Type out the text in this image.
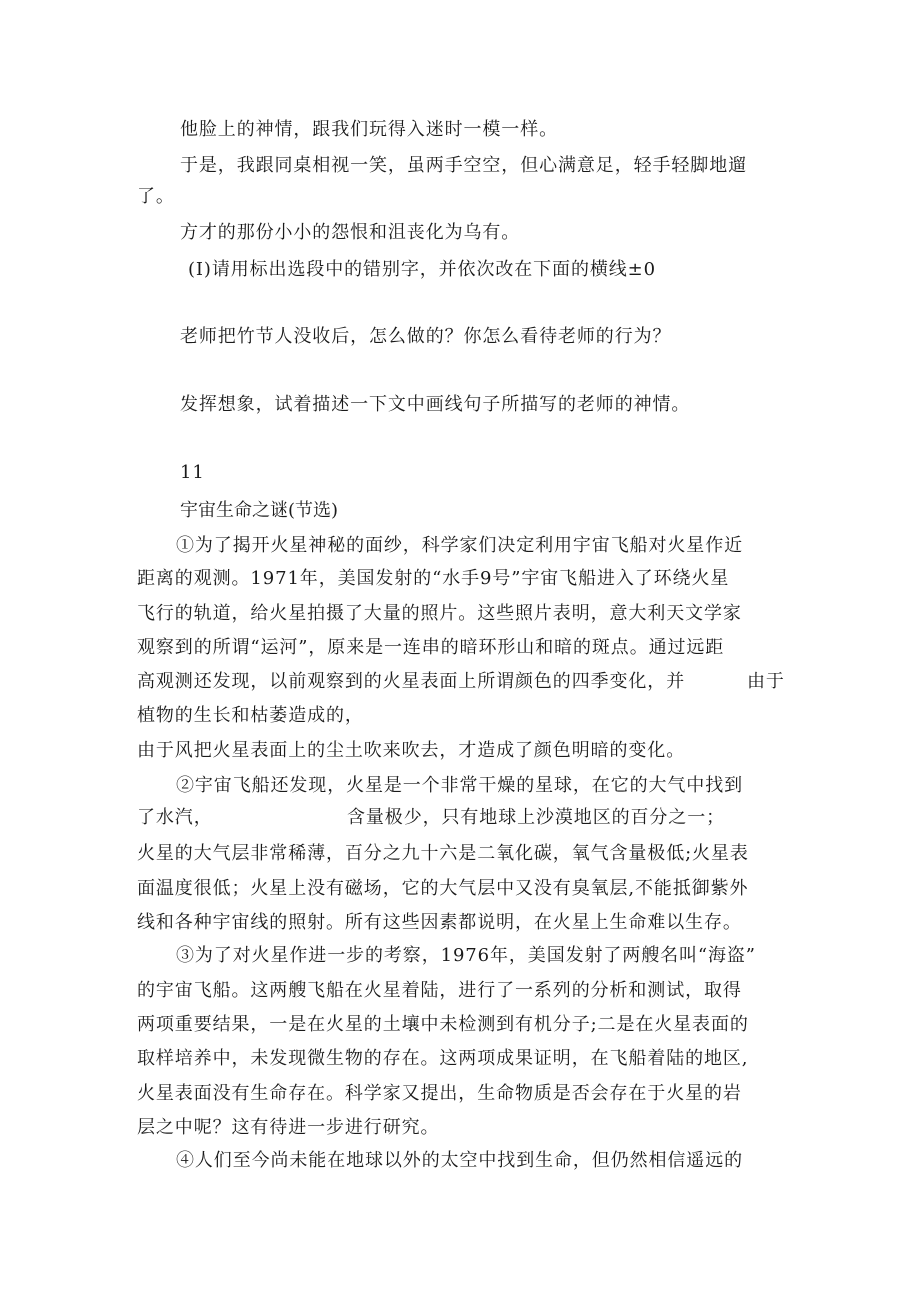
他脸上的神情，跟我们玩得入迷时一模一样。
于是，我跟同桌相视一笑，虽两手空空，但心满意足，轻手轻脚地遛
了。
方才的那份小小的怨恨和沮丧化为乌有。
(I)请用标出选段中的错别字，并依次改在下面的横线±0
老师把竹节人没收后，怎么做的？你怎么看待老师的行为？
发挥想象，试着描述一下文中画线句子所描写的老师的神情。
11
宇宙生命之谜(节选)
①为了揭开火星神秘的面纱，科学家们决定利用宇宙飞船对火星作近
距离的观测。1971年，美国发射的“水手9号”宇宙飞船进入了环绕火星
飞行的轨道，给火星拍摄了大量的照片。这些照片表明，意大利天文学家
观察到的所谓“运河”，原来是一连串的暗环形山和暗的斑点。通过远距
高观测还发现，以前观察到的火星表面上所谓颜色的四季变化，并	由于
植物的生长和枯萎造成的，
由于风把火星表面上的尘土吹来吹去，才造成了颜色明暗的变化。
②宇宙飞船还发现，火星是一个非常干燥的星球，在它的大气中找到
了水汽，	含量极少，只有地球上沙漠地区的百分之一；
火星的大气层非常稀薄，百分之九十六是二氧化碳，氧气含量极低;火星表
面温度很低；火星上没有磁场，它的大气层中又没有臭氧层,不能抵御紫外
线和各种宇宙线的照射。所有这些因素都说明，在火星上生命难以生存。
③为了对火星作进一步的考察，1976年，美国发射了两艘名叫“海盗”
的宇宙飞船。这两艘飞船在火星着陆，进行了一系列的分析和测试，取得
两项重要结果，一是在火星的土壤中未检测到有机分子;二是在火星表面的
取样培养中，未发现微生物的存在。这两项成果证明，在飞船着陆的地区,
火星表面没有生命存在。科学家又提出，生命物质是否会存在于火星的岩
层之中呢？这有待进一步进行研究。
④人们至今尚未能在地球以外的太空中找到生命，但仍然相信遥远的
